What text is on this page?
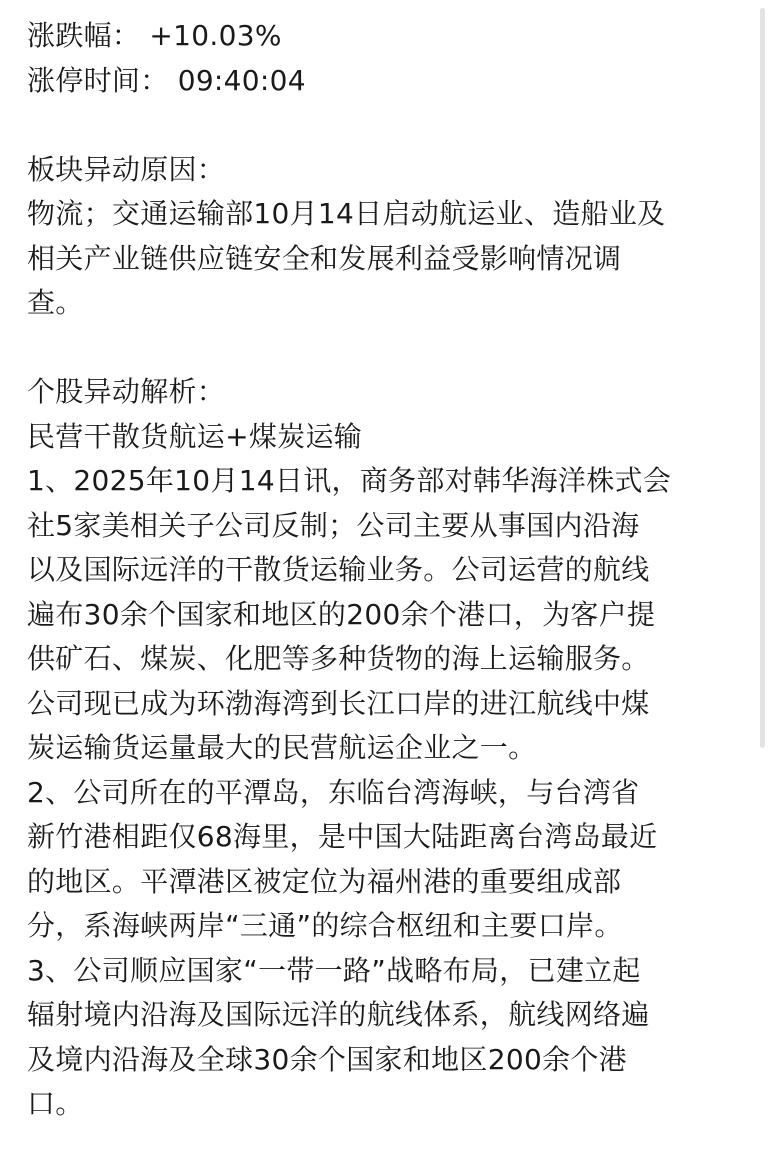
涨跌幅： +10.03%
涨停时间： 09:40:04
板块异动原因：
物流；交通运输部10月14日启动航运业、造船业及
相关产业链供应链安全和发展利益受影响情况调
查。
个股异动解析：
民营干散货航运+煤炭运输
1、2025年10月14日讯，商务部对韩华海洋株式会
社5家美相关子公司反制；公司主要从事国内沿海
以及国际远洋的干散货运输业务。公司运营的航线
遍布30余个国家和地区的200余个港口，为客户提
供矿石、煤炭、化肥等多种货物的海上运输服务。
公司现已成为环渤海湾到长江口岸的进江航线中煤
炭运输货运量最大的民营航运企业之一。
2、公司所在的平潭岛，东临台湾海峡，与台湾省
新竹港相距仅68海里，是中国大陆距离台湾岛最近
的地区。平潭港区被定位为福州港的重要组成部
分，系海峡两岸“三通”的综合枢纽和主要口岸。
3、公司顺应国家“一带一路”战略布局，已建立起
辐射境内沿海及国际远洋的航线体系，航线网络遍
及境内沿海及全球30余个国家和地区200余个港
口。
